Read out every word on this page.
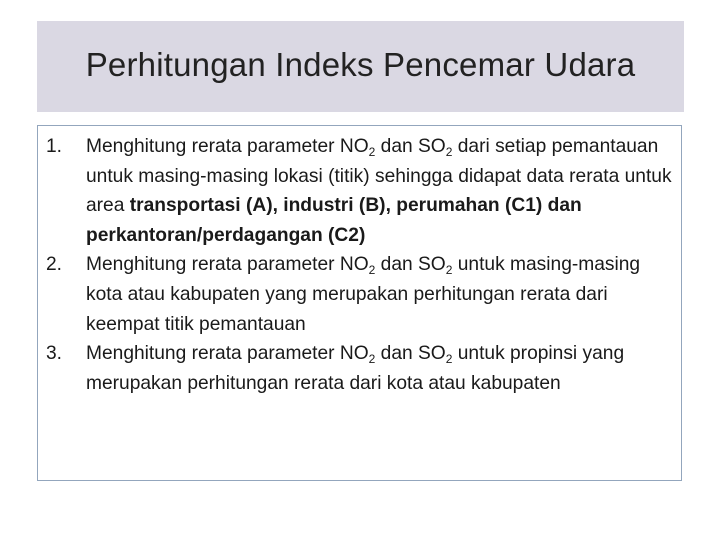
Perhitungan Indeks Pencemar Udara
1. Menghitung rerata parameter $NO_2$ dan $SO_2$ dari setiap pemantauan untuk masing-masing lokasi (titik) sehingga didapat data rerata untuk area transportasi (A), industri (B), perumahan (C1) dan perkantoran/perdagangan (C2)
2. Menghitung rerata parameter $NO_2$ dan $SO_2$ untuk masing-masing kota atau kabupaten yang merupakan perhitungan rerata dari keempat titik pemantauan
3. Menghitung rerata parameter $NO_2$ dan $SO_2$ untuk propinsi yang merupakan perhitungan rerata dari kota atau kabupaten
